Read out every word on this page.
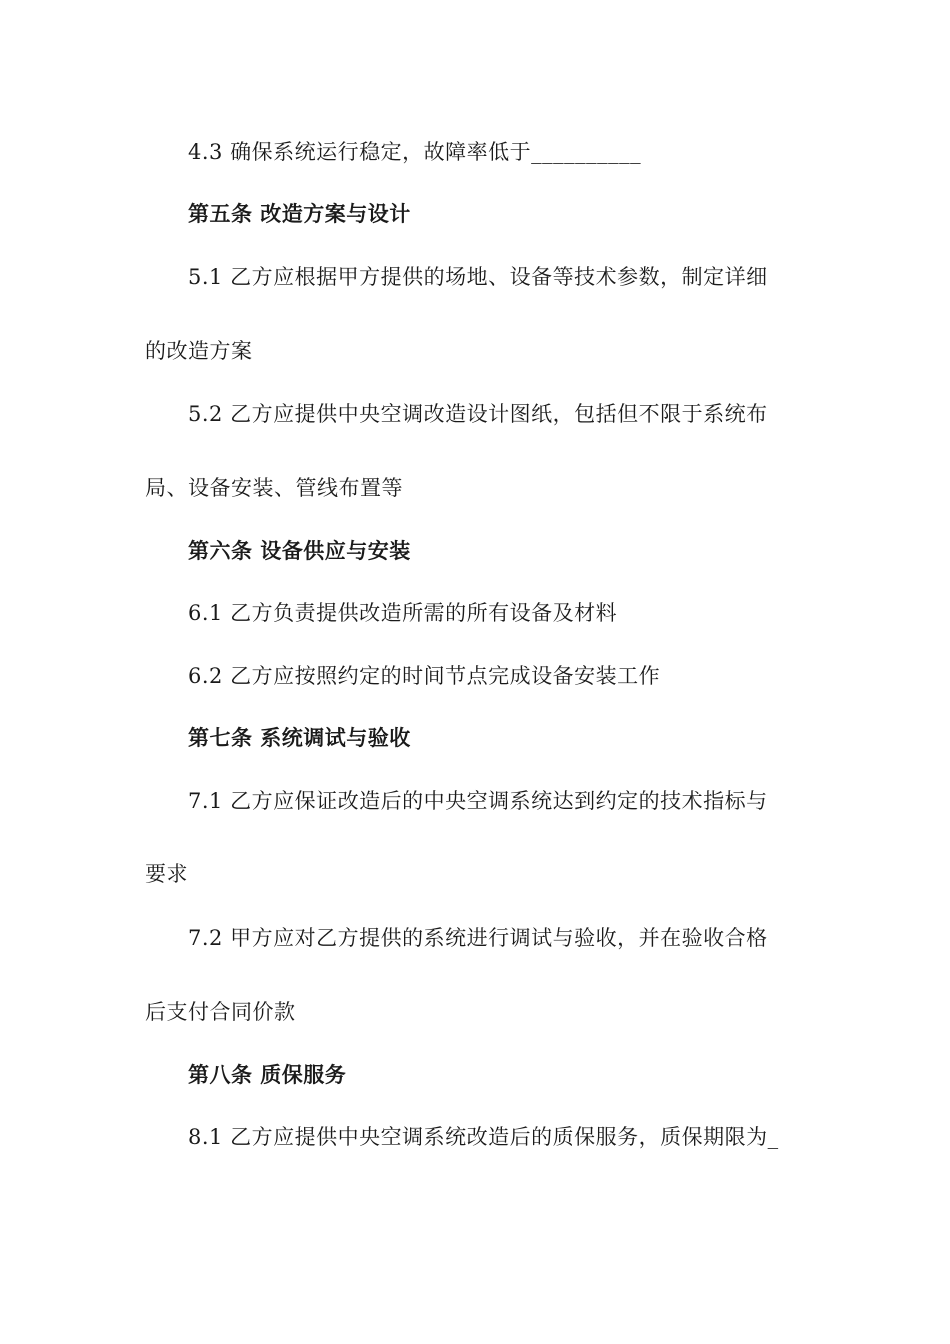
4.3 确保系统运行稳定，故障率低于__________
第五条 改造方案与设计
5.1 乙方应根据甲方提供的场地、设备等技术参数，制定详细
的改造方案
5.2 乙方应提供中央空调改造设计图纸，包括但不限于系统布
局、设备安装、管线布置等
第六条 设备供应与安装
6.1 乙方负责提供改造所需的所有设备及材料
6.2 乙方应按照约定的时间节点完成设备安装工作
第七条 系统调试与验收
7.1 乙方应保证改造后的中央空调系统达到约定的技术指标与
要求
7.2 甲方应对乙方提供的系统进行调试与验收，并在验收合格
后支付合同价款
第八条 质保服务
8.1 乙方应提供中央空调系统改造后的质保服务，质保期限为_
